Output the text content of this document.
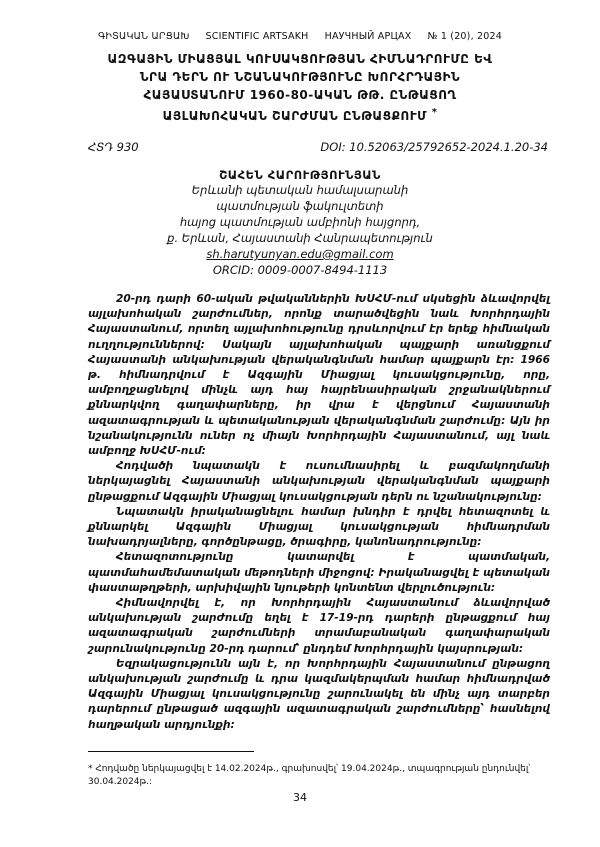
ԳԻՏԱԿԱՆ ԱՐՑԱԽ     SCIENTIFIC ARTSAKH     НАУЧНЫЙ АРЦАХ     № 1 (20), 2024
ԱԶԳԱՅԻՆ ՄԻԱՑՅԱԼ ԿՈՒՍԱԿՑՈՒԹՅԱՆ ՀԻՄՆԱԴՐՈՒՄԸ ԵՎ
ՆՐԱ ԴԵՐՆ ՈՒ ՆՇԱՆԱԿՈՒԹՅՈՒՆԸ ԽՈՐՀՐԴԱՅԻՆ
ՀԱՅԱՍՏԱՆՈՒՄ 1960-80-ԱԿԱՆ ԹԹ. ԸՆԹԱՑՈՂ
ԱՅԼԱԽՈՀԱԿԱՆ ՇԱՐԺՄԱՆ ԸՆԹԱՑՔՈՒՄ *
ՀՏԴ 930	DOI: 10.52063/25792652-2024.1.20-34
ՇԱՀԵՆ ՀԱՐՈՒԹՅՈՒՆՅԱՆ
Երևանի պետական համալսարանի
պատմության ֆակուլտետի
հայոց պատմության ամբիոնի հայցորդ,
ք. Երևան, Հայաստանի Հանրապետություն
sh.harutyunyan.edu@gmail.com
ORCID: 0009-0007-8494-1113

20-րդ դարի 60-ական թվականներին ԽՍՀՄ-ում սկսեցին ձևավորվել այլախոհական շարժումներ, որոնք տարածվեցին նաև Խորհրդային Հայաստանում, որտեղ այլախոհությունը դրսևորվում էր երեք հիմնական ուղղություններով: Սակայն այլախոհական պայքարի առանցքում Հայաստանի անկախության վերականգնման համար պայքարն էր: 1966 թ. հիմնադրվում է Ազգային Միացյալ կուսակցությունը, որը, ամբողջացնելով մինչև այդ հայ հայրենասիրական շրջանակներում քննարկվող գաղափարները, իր վրա է վերցնում Հայաստանի ազատագրության և պետականության վերականգնման շարժումը: Այն իր նշանակությունն ուներ ոչ միայն Խորհրդային Հայաստանում, այլ նաև ամբողջ ԽՍՀՄ-ում:

Հոդվածի նպատակն է ուսումնասիրել և բազմակողմանի ներկայացնել Հայաստանի անկախության վերականգնման պայքարի ընթացքում Ազգային Միացյալ կուսակցության դերն ու նշանակությունը:

Նպատակն իրականացնելու համար խնդիր է դրվել հետազոտել և քննարկել Ազգային Միացյալ կուսակցության հիմնադրման նախադրյալները, գործընթացը, ծրագիրը, կանոնադրությունը:

Հետազոտությունը կատարվել է պատմական, պատմահամեմատական մեթոդների միջոցով: Իրականացվել է պետական փաստաթղթերի, արխիվային նյութերի կոնտենտ վերլուծություն:

Հիմնավորվել է, որ Խորհրդային Հայաստանում ձևավորված անկախության շարժումը եղել է 17-19-րդ դարերի ընթացքում հայ ազատագրական շարժումների տրամաբանական գաղափարական շարունակությունը 20-րդ դարում՝ ընդդեմ Խորհրդային կայսրության:

Եզրակացությունն այն է, որ Խորհրդային Հայաստանում ընթացող անկախության շարժումը և դրա կազմակերպման համար հիմնադրված Ազգային Միացյալ կուսակցությունը շարունակել են մինչ այդ տարբեր դարերում ընթացած ազգային ազատագրական շարժումները՝ հասնելով հաղթական արդյունքի:

* Հոդվածը ներկայացվել է 14.02.2024թ., գրախոսվել՝ 19.04.2024թ., տպագրության ընդունվել՝ 30.04.2024թ.:
34
